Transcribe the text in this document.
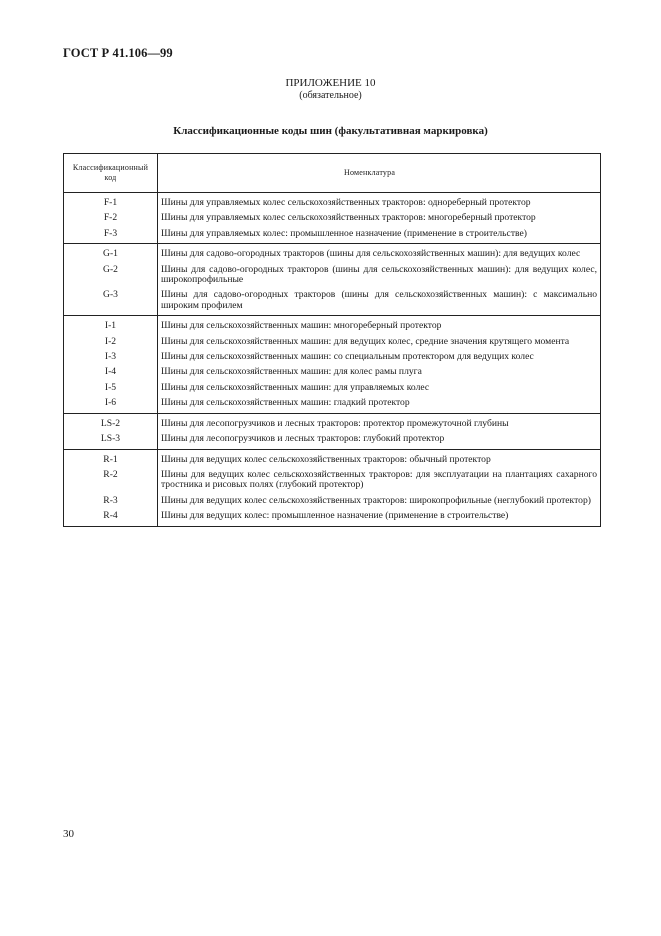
ГОСТ Р 41.106—99
ПРИЛОЖЕНИЕ 10
(обязательное)
Классификационные коды шин (факультативная маркировка)
Классификационный
код	Номенклатура
F-1	Шины для управляемых колес сельскохозяйственных тракторов: однореберный протектор
F-2	Шины для управляемых колес сельскохозяйственных тракторов: многореберный протектор
F-3	Шины для управляемых колес: промышленное назначение (применение в строительстве)
G-1	Шины для садово-огородных тракторов (шины для сельскохозяйственных машин): для ведущих колес
G-2	Шины для садово-огородных тракторов (шины для сельскохозяйственных машин): для ведущих колес, широкопрофильные
G-3	Шины для садово-огородных тракторов (шины для сельскохозяйственных машин): с максимально широким профилем
I-1	Шины для сельскохозяйственных машин: многореберный протектор
I-2	Шины для сельскохозяйственных машин: для ведущих колес, средние значения крутящего момента
I-3	Шины для сельскохозяйственных машин: со специальным протектором для ведущих колес
I-4	Шины для сельскохозяйственных машин: для колес рамы плуга
I-5	Шины для сельскохозяйственных машин: для управляемых колес
I-6	Шины для сельскохозяйственных машин: гладкий протектор
LS-2	Шины для лесопогрузчиков и лесных тракторов: протектор промежуточной глубины
LS-3	Шины для лесопогрузчиков и лесных тракторов: глубокий протектор
R-1	Шины для ведущих колес сельскохозяйственных тракторов: обычный протектор
R-2	Шины для ведущих колес сельскохозяйственных тракторов: для эксплуатации на плантациях сахарного тростника и рисовых полях (глубокий протектор)
R-3	Шины для ведущих колес сельскохозяйственных тракторов: широкопрофильные (неглубокий протектор)
R-4	Шины для ведущих колес: промышленное назначение (применение в строительстве)
30
